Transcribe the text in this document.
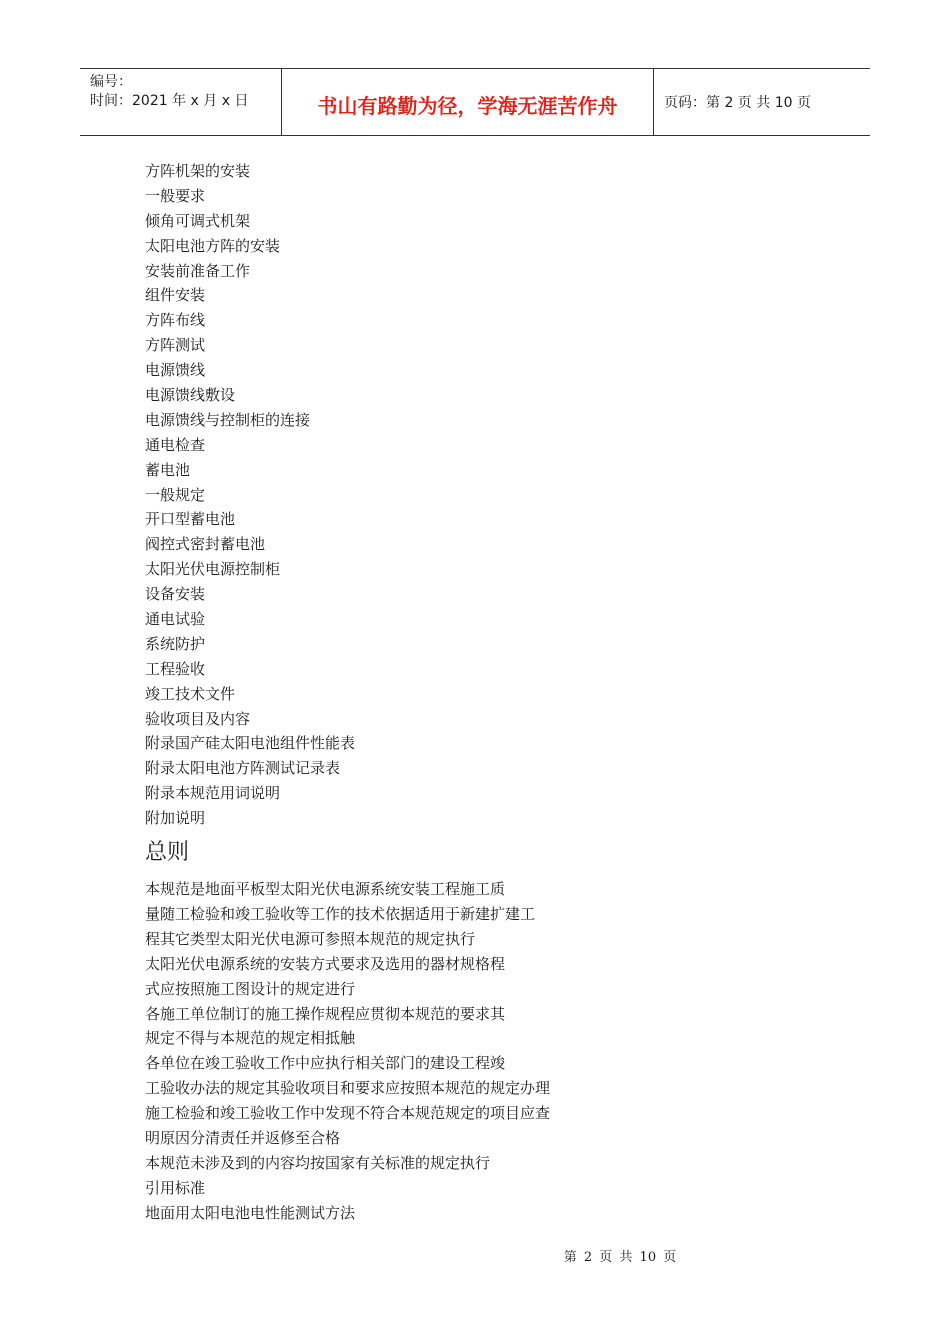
编号：
时间：2021 年 x 月 x 日	书山有路勤为径，学海无涯苦作舟	页码：第 2 页 共 10 页
方阵机架的安装
一般要求
倾角可调式机架
太阳电池方阵的安装
安装前准备工作
组件安装
方阵布线
方阵测试
电源馈线
电源馈线敷设
电源馈线与控制柜的连接
通电检查
蓄电池
一般规定
开口型蓄电池
阀控式密封蓄电池
太阳光伏电源控制柜
设备安装
通电试验
系统防护
工程验收
竣工技术文件
验收项目及内容
附录国产硅太阳电池组件性能表
附录太阳电池方阵测试记录表
附录本规范用词说明
附加说明
总则
本规范是地面平板型太阳光伏电源系统安装工程施工质
量随工检验和竣工验收等工作的技术依据适用于新建扩建工
程其它类型太阳光伏电源可参照本规范的规定执行
太阳光伏电源系统的安装方式要求及选用的器材规格程
式应按照施工图设计的规定进行
各施工单位制订的施工操作规程应贯彻本规范的要求其
规定不得与本规范的规定相抵触
各单位在竣工验收工作中应执行相关部门的建设工程竣
工验收办法的规定其验收项目和要求应按照本规范的规定办理
施工检验和竣工验收工作中发现不符合本规范规定的项目应查
明原因分清责任并返修至合格
本规范未涉及到的内容均按国家有关标准的规定执行
引用标准
地面用太阳电池电性能测试方法
第 2 页 共 10 页
